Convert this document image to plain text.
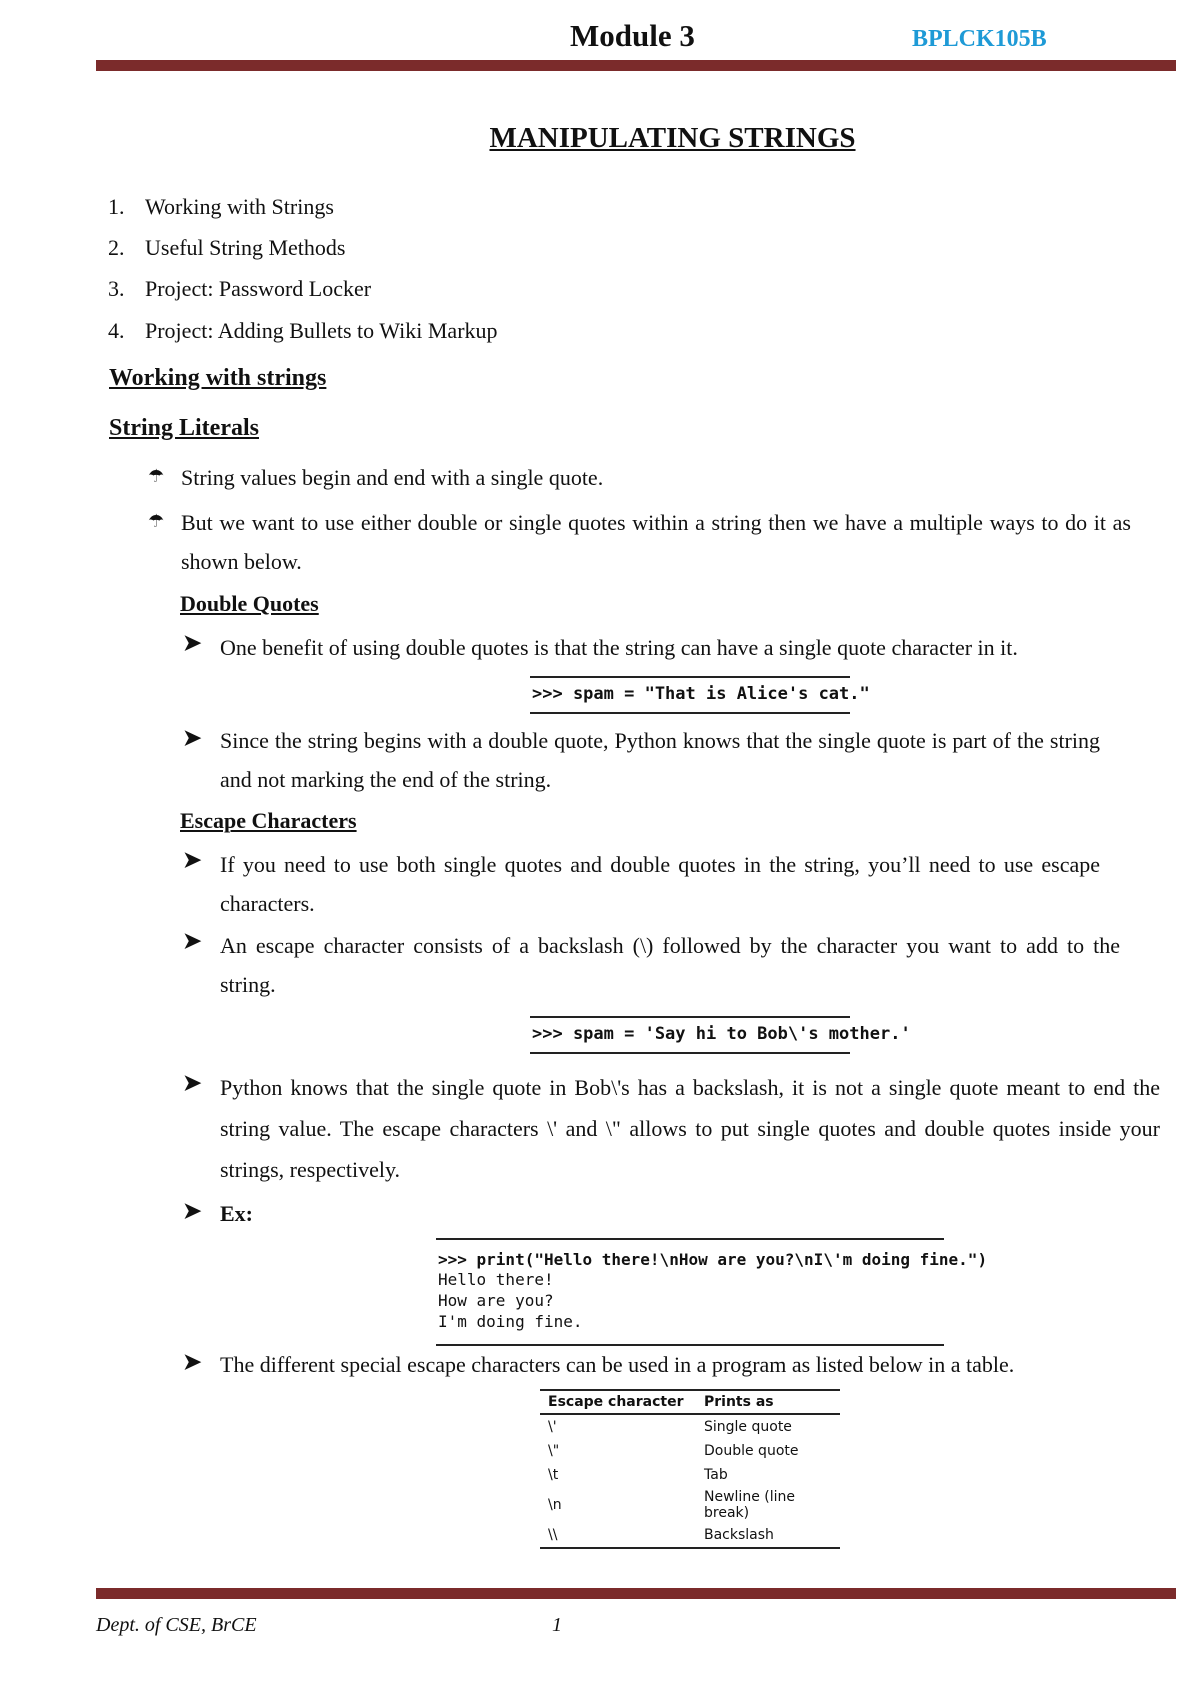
Module 3	BPLCK105B
MANIPULATING STRINGS
1. Working with Strings
2. Useful String Methods
3. Project: Password Locker
4. Project: Adding Bullets to Wiki Markup
Working with strings
String Literals
☂ String values begin and end with a single quote.
☂ But we want to use either double or single quotes within a string then we have a multiple ways to do it as shown below.
Double Quotes
➤ One benefit of using double quotes is that the string can have a single quote character in it.
>>> spam = "That is Alice's cat."
➤ Since the string begins with a double quote, Python knows that the single quote is part of the string and not marking the end of the string.
Escape Characters
➤ If you need to use both single quotes and double quotes in the string, you’ll need to use escape characters.
➤ An escape character consists of a backslash (\) followed by the character you want to add to the string.
>>> spam = 'Say hi to Bob\'s mother.'
➤ Python knows that the single quote in Bob\'s has a backslash, it is not a single quote meant to end the string value. The escape characters \' and \" allows to put single quotes and double quotes inside your strings, respectively.
➤ Ex:
>>> print("Hello there!\nHow are you?\nI\'m doing fine.")
Hello there!
How are you?
I'm doing fine.
➤ The different special escape characters can be used in a program as listed below in a table.
Escape character	Prints as
\'	Single quote
\"	Double quote
\t	Tab
\n	Newline (line break)
\\	Backslash
Dept. of CSE, BrCE	1
